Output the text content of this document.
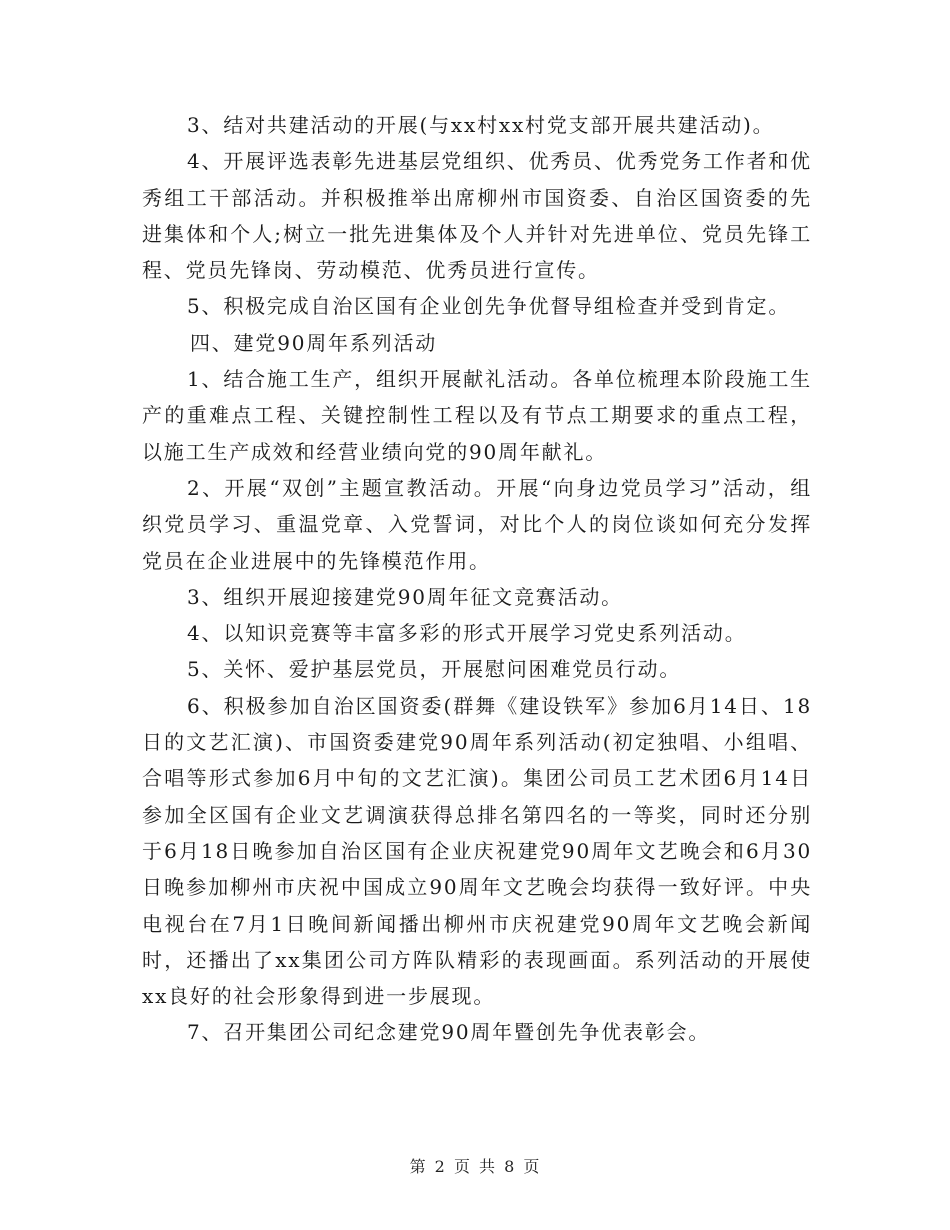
3、结对共建活动的开展(与xx村xx村党支部开展共建活动)。

4、开展评选表彰先进基层党组织、优秀员、优秀党务工作者和优秀组工干部活动。并积极推举出席柳州市国资委、自治区国资委的先进集体和个人;树立一批先进集体及个人并针对先进单位、党员先锋工程、党员先锋岗、劳动模范、优秀员进行宣传。

5、积极完成自治区国有企业创先争优督导组检查并受到肯定。

四、建党90周年系列活动

1、结合施工生产，组织开展献礼活动。各单位梳理本阶段施工生产的重难点工程、关键控制性工程以及有节点工期要求的重点工程，以施工生产成效和经营业绩向党的90周年献礼。

2、开展“双创”主题宣教活动。开展“向身边党员学习”活动，组织党员学习、重温党章、入党誓词，对比个人的岗位谈如何充分发挥党员在企业进展中的先锋模范作用。

3、组织开展迎接建党90周年征文竞赛活动。

4、以知识竞赛等丰富多彩的形式开展学习党史系列活动。

5、关怀、爱护基层党员，开展慰问困难党员行动。

6、积极参加自治区国资委(群舞《建设铁军》参加6月14日、18日的文艺汇演)、市国资委建党90周年系列活动(初定独唱、小组唱、合唱等形式参加6月中旬的文艺汇演)。集团公司员工艺术团6月14日参加全区国有企业文艺调演获得总排名第四名的一等奖，同时还分别于6月18日晚参加自治区国有企业庆祝建党90周年文艺晚会和6月30日晚参加柳州市庆祝中国成立90周年文艺晚会均获得一致好评。中央电视台在7月1日晚间新闻播出柳州市庆祝建党90周年文艺晚会新闻时，还播出了xx集团公司方阵队精彩的表现画面。系列活动的开展使xx良好的社会形象得到进一步展现。

7、召开集团公司纪念建党90周年暨创先争优表彰会。

第 2 页 共 8 页
